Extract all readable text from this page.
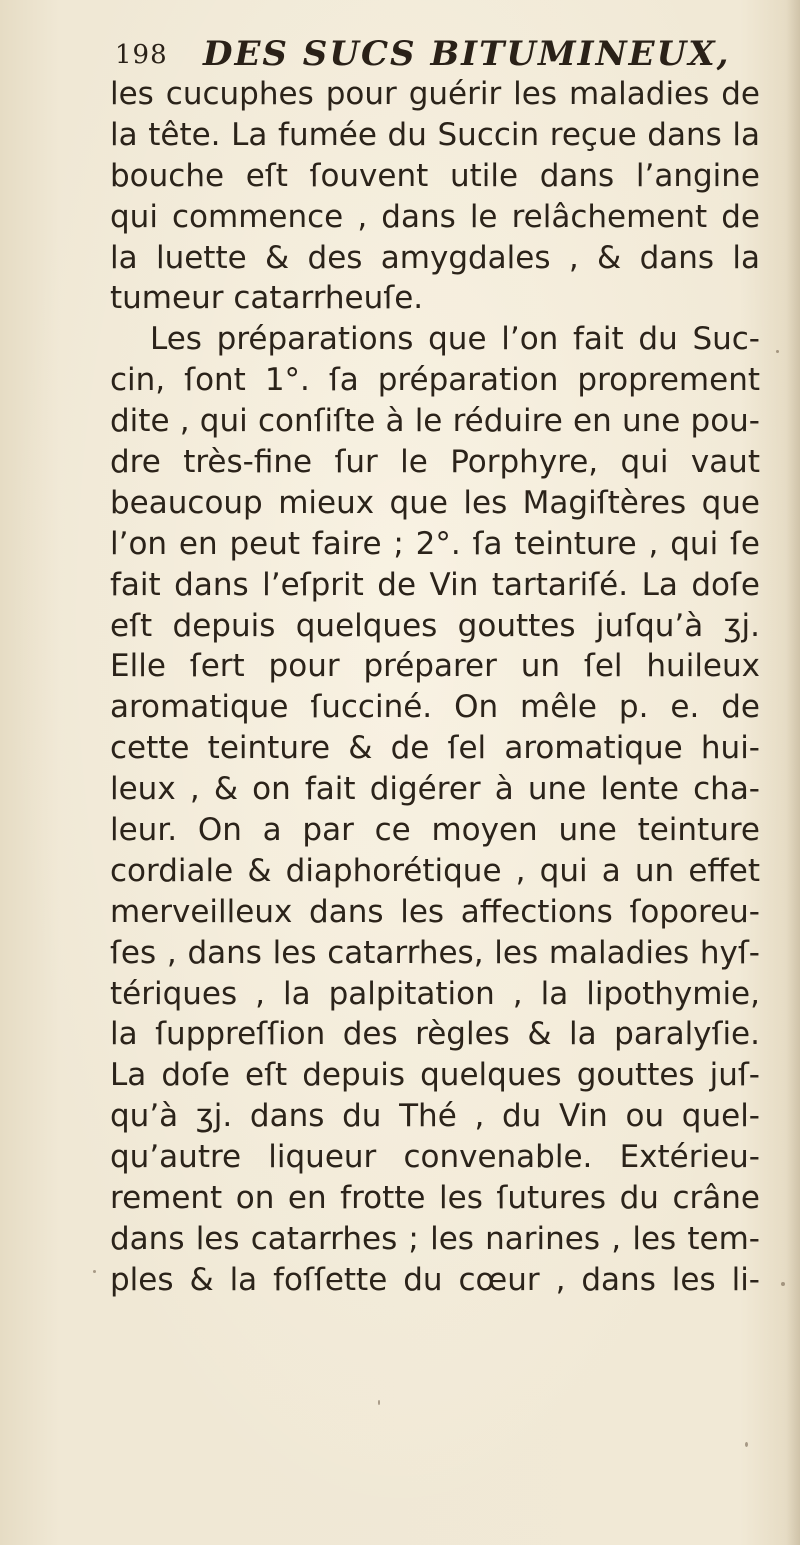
198 DES SUCS BITUMINEUX,
les cucuphes pour guérir les maladies de
la tête. La fumée du Succin reçue dans la
bouche eſt ſouvent utile dans l’angine
qui commence , dans le relâchement de
la luette & des amygdales , & dans la
tumeur catarrheuſe.
Les préparations que l’on fait du Suc-
cin, ſont 1°. ſa préparation proprement
dite , qui conſiſte à le réduire en une pou-
dre très-fine ſur le Porphyre, qui vaut
beaucoup mieux que les Magiſtères que
l’on en peut faire ; 2°. ſa teinture , qui ſe
fait dans l’eſprit de Vin tartariſé. La doſe
eſt depuis quelques gouttes juſqu’à ʒj.
Elle ſert pour préparer un ſel huileux
aromatique ſucciné. On mêle p. e. de
cette teinture & de ſel aromatique hui-
leux , & on fait digérer à une lente cha-
leur. On a par ce moyen une teinture
cordiale & diaphorétique , qui a un effet
merveilleux dans les affections ſoporeu-
ſes , dans les catarrhes, les maladies hyſ-
tériques , la palpitation , la lipothymie,
la ſuppreſſion des règles & la paralyſie.
La doſe eſt depuis quelques gouttes juſ-
qu’à ʒj. dans du Thé , du Vin ou quel-
qu’autre liqueur convenable. Extérieu-
rement on en frotte les ſutures du crâne
dans les catarrhes ; les narines , les tem-
ples & la foſſette du cœur , dans les li-
